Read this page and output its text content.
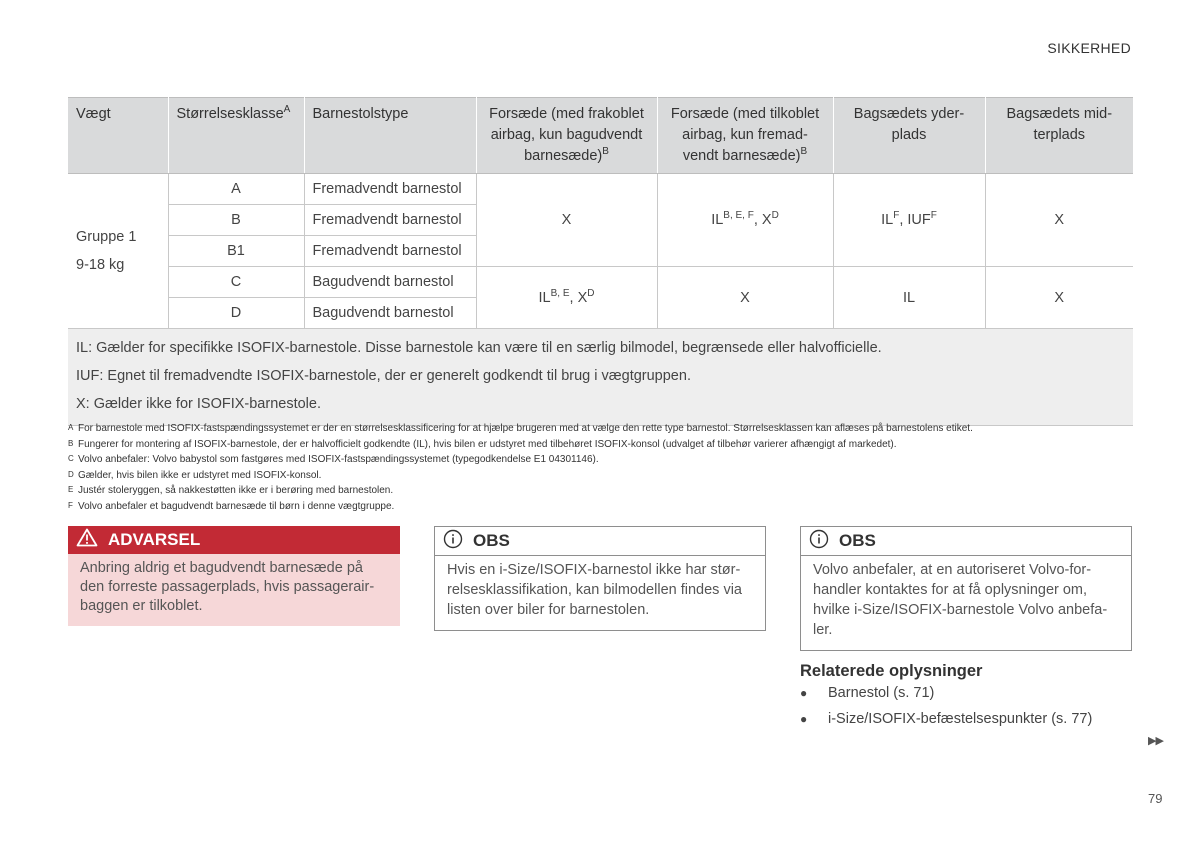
SIKKERHED
Vægt	Størrelsesklasse$^A$	Barnestolstype	Forsæde (med frakoblet airbag, kun bagudvendt barnesæde)$^B$	Forsæde (med tilkoblet airbag, kun fremad-vendt barnesæde)$^B$	Bagsædets yder-plads	Bagsædets mid-terplads
Gruppe 1
9-18 kg	A	Fremadvendt barnestol	X	$IL^{B, E, F}$, $X^D$	$IL^F$, $IUF^F$	X
	B	Fremadvendt barnestol				
	B1	Fremadvendt barnestol				
	C	Bagudvendt barnestol	$IL^{B, E}$, $X^D$	X	IL	X
	D	Bagudvendt barnestol				

IL: Gælder for specifikke ISOFIX-barnestole. Disse barnestole kan være til en særlig bilmodel, begrænsede eller halvofficielle.
IUF: Egnet til fremadvendte ISOFIX-barnestole, der er generelt godkendt til brug i vægtgruppen.
X: Gælder ikke for ISOFIX-barnestole.						
A For barnestole med ISOFIX-fastspændingssystemet er der en størrelsesklassificering for at hjælpe brugeren med at vælge den rette type barnestol. Størrelsesklassen kan aflæses på barnestolens etiket.
B Fungerer for montering af ISOFIX-barnestole, der er halvofficielt godkendte (IL), hvis bilen er udstyret med tilbehøret ISOFIX-konsol (udvalget af tilbehør varierer afhængigt af markedet).
C Volvo anbefaler: Volvo babystol som fastgøres med ISOFIX-fastspændingssystemet (typegodkendelse E1 04301146).
D Gælder, hvis bilen ikke er udstyret med ISOFIX-konsol.
E Justér stoleryggen, så nakkestøtten ikke er i berøring med barnestolen.
F Volvo anbefaler et bagudvendt barnesæde til børn i denne vægtgruppe.
ADVARSEL
Anbring aldrig et bagudvendt barnesæde på den forreste passagerplads, hvis passagerair-baggen er tilkoblet.
OBS
Hvis en i-Size/ISOFIX-barnestol ikke har stør-relsesklassifikation, kan bilmodellen findes via listen over biler for barnestolen.
OBS
Volvo anbefaler, at en autoriseret Volvo-for-handler kontaktes for at få oplysninger om, hvilke i-Size/ISOFIX-barnestole Volvo anbefa-ler.
Relaterede oplysninger
● Barnestol (s. 71)
● i-Size/ISOFIX-befæstelsespunkter (s. 77)
▶▶
79
